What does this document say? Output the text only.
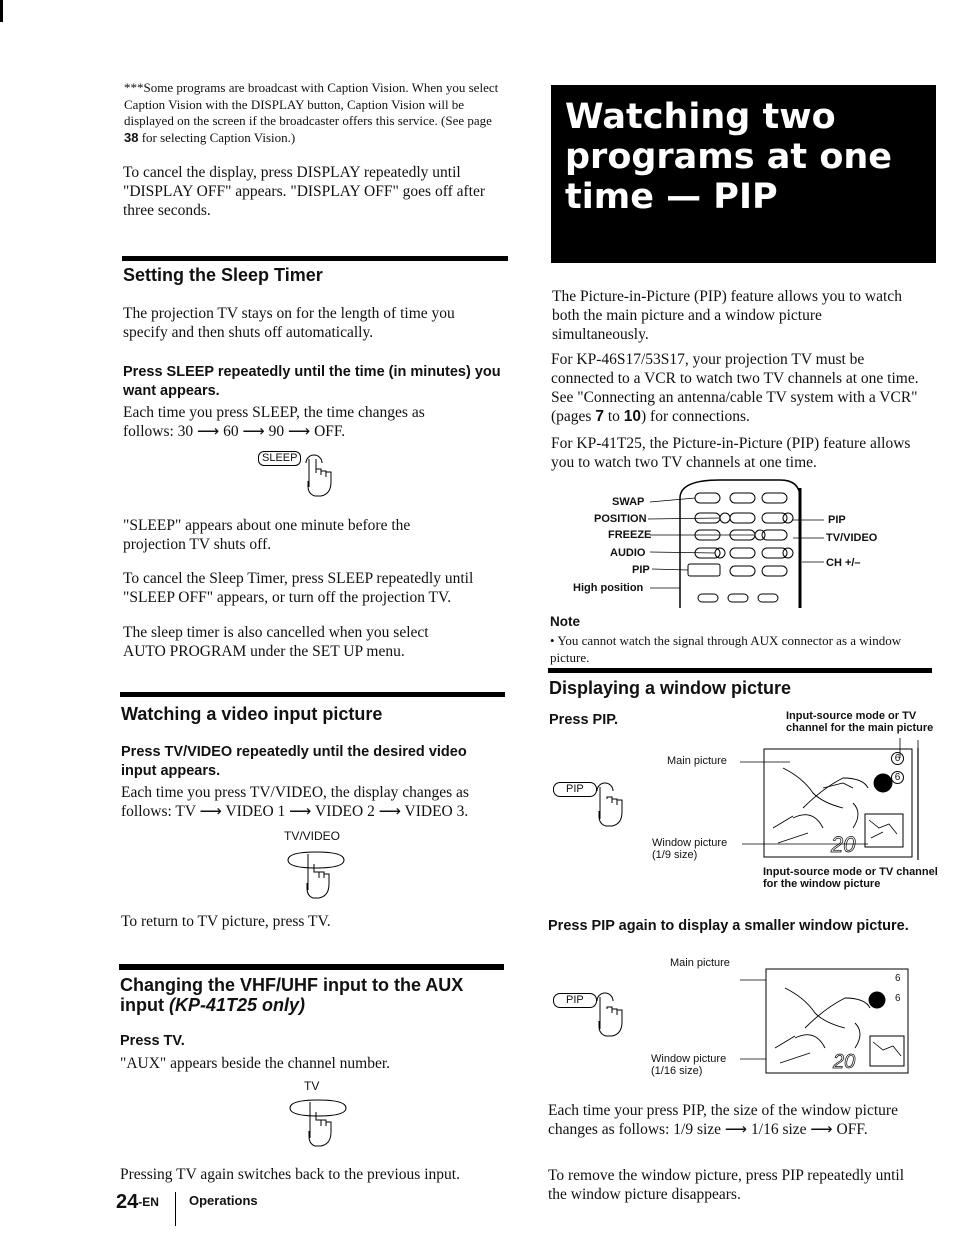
***Some programs are broadcast with Caption Vision. When you select Caption Vision with the DISPLAY button, Caption Vision will be displayed on the screen if the broadcaster offers this service. (See page 38 for selecting Caption Vision.)
To cancel the display, press DISPLAY repeatedly until "DISPLAY OFF" appears. "DISPLAY OFF" goes off after three seconds.
Setting the Sleep Timer
The projection TV stays on for the length of time you specify and then shuts off automatically.
Press SLEEP repeatedly until the time (in minutes) you want appears.
Each time you press SLEEP, the time changes as follows: 30 ⟶ 60 ⟶ 90 ⟶ OFF.
SLEEP
"SLEEP" appears about one minute before the projection TV shuts off.
To cancel the Sleep Timer, press SLEEP repeatedly until "SLEEP OFF" appears, or turn off the projection TV.
The sleep timer is also cancelled when you select AUTO PROGRAM under the SET UP menu.
Watching a video input picture
Press TV/VIDEO repeatedly until the desired video input appears.
Each time you press TV/VIDEO, the display changes as follows: TV ⟶ VIDEO 1 ⟶ VIDEO 2 ⟶ VIDEO 3.
TV/VIDEO
To return to TV picture, press TV.
Changing the VHF/UHF input to the AUX input (KP-41T25 only)
Press TV.
"AUX" appears beside the channel number.
TV
Pressing TV again switches back to the previous input.
$24^{-EN}$ Operations
Watching two
programs at one
time — PIP
The Picture-in-Picture (PIP) feature allows you to watch both the main picture and a window picture simultaneously.
For KP-46S17/53S17, your projection TV must be connected to a VCR to watch two TV channels at one time. See "Connecting an antenna/cable TV system with a VCR" (pages 7 to 10) for connections.
For KP-41T25, the Picture-in-Picture (PIP) feature allows you to watch two TV channels at one time.
SWAP
POSITION
FREEZE
AUDIO
PIP
High position
PIP
TV/VIDEO
CH +/–
Note
• You cannot watch the signal through AUX connector as a window picture.
Displaying a window picture
Press PIP.	Input-source mode or TV channel for the main picture
PIP
Main picture
20
6
6
Window picture
(1/9 size)
Input-source mode or TV channel for the window picture
Press PIP again to display a smaller window picture.
Main picture
PIP
20
6
6
Window picture
(1/16 size)
Each time your press PIP, the size of the window picture changes as follows: 1/9 size ⟶ 1/16 size ⟶ OFF.
To remove the window picture, press PIP repeatedly until the window picture disappears.
